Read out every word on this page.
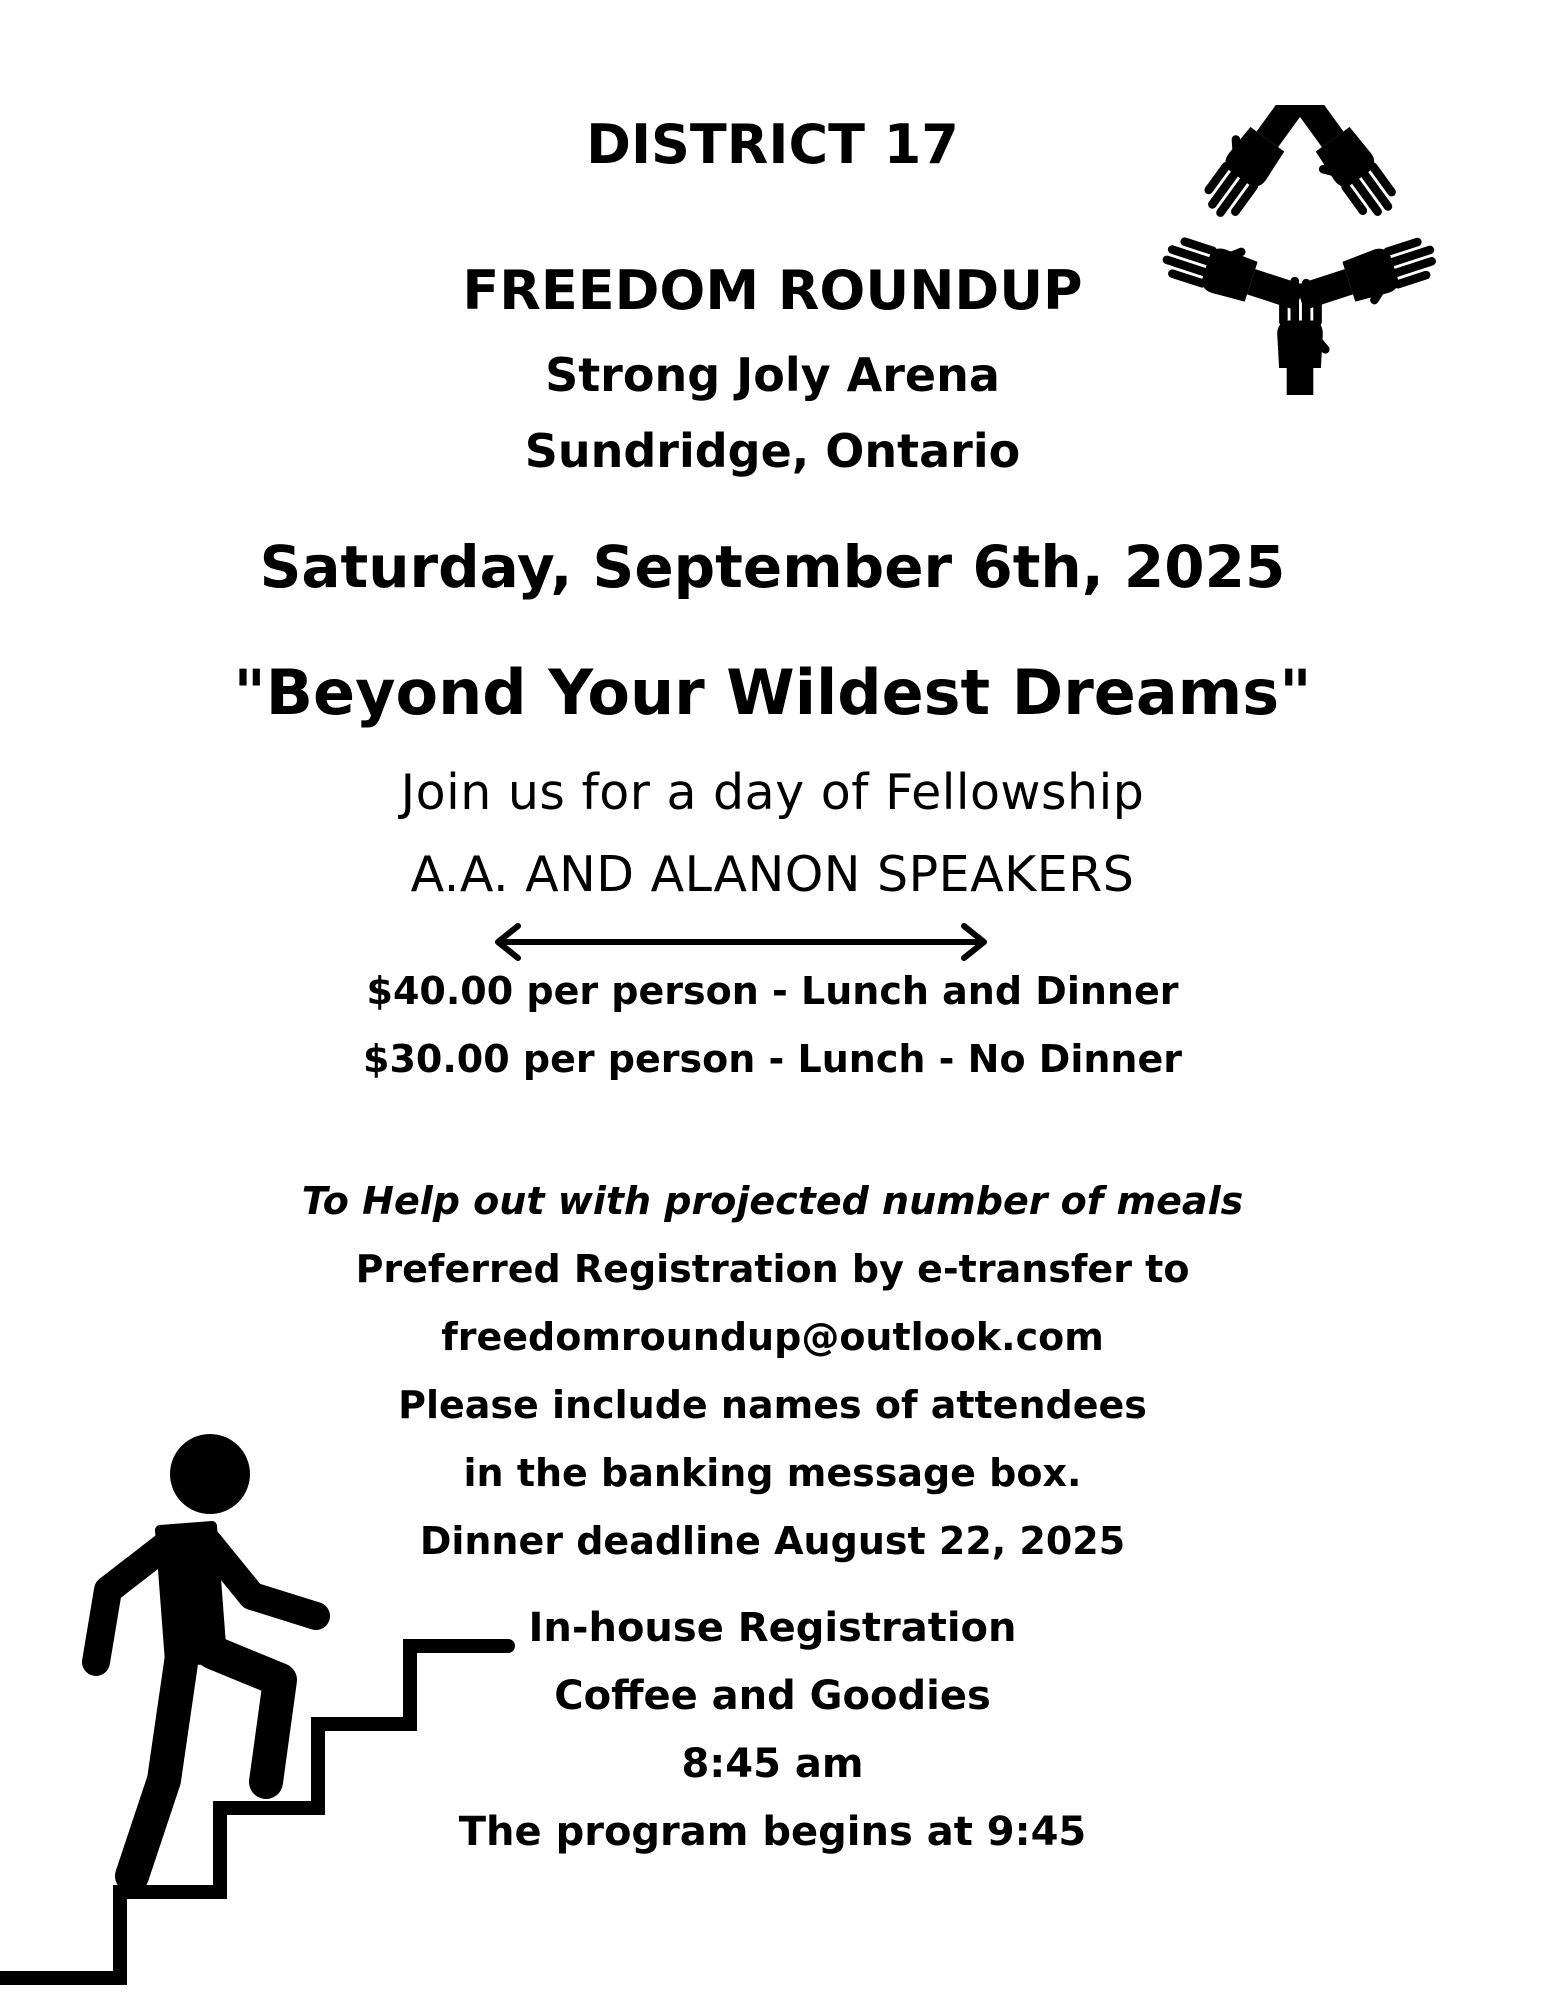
DISTRICT 17
FREEDOM ROUNDUP
Strong Joly Arena
Sundridge, Ontario
Saturday, September 6th, 2025
"Beyond Your Wildest Dreams"
Join us for a day of Fellowship
A.A. AND ALANON SPEAKERS
$40.00 per person - Lunch and Dinner
$30.00 per person - Lunch - No Dinner
To Help out with projected number of meals
Preferred Registration by e-transfer to
freedomroundup@outlook.com
Please include names of attendees
in the banking message box.
Dinner deadline August 22, 2025
In-house Registration
Coffee and Goodies
8:45 am
The program begins at 9:45
